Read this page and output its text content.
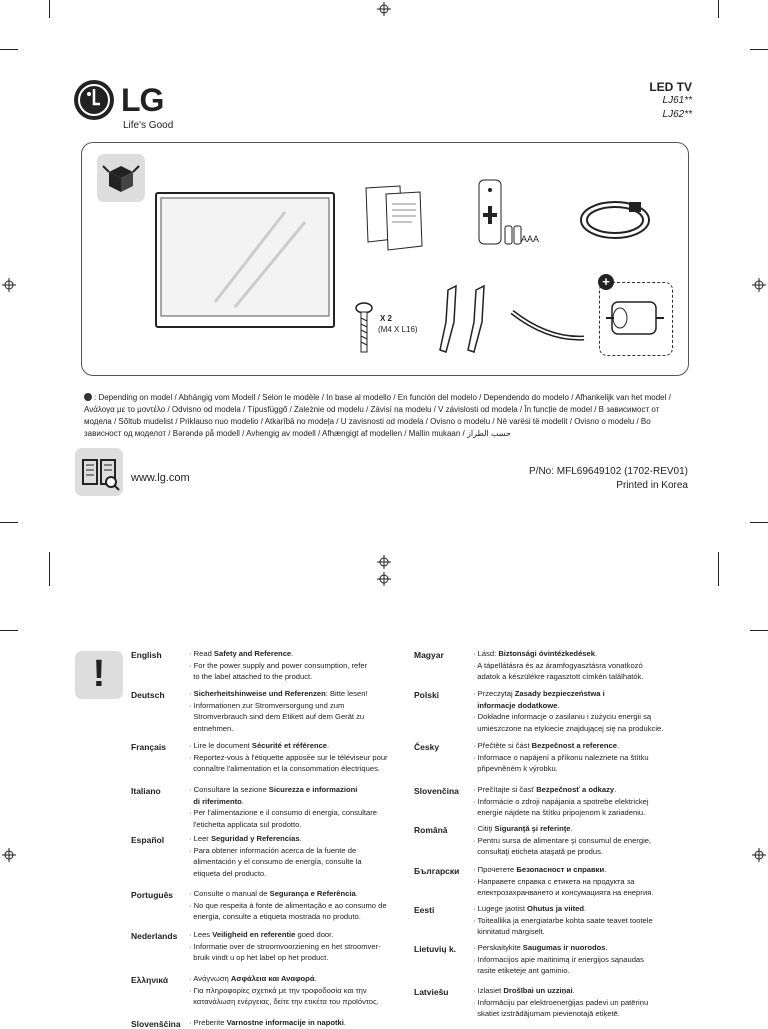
LG
Life's Good
LED TV
LJ61**
LJ62**
AAA
X 2
(M4 X L16)
+
: Depending on model / Abhängig vom Modell / Selon le modèle / In base al modello / En función del modelo / Dependendo do modelo / Afhankelijk van het model / Ανάλογα με το μοντέλο / Odvisno od modela / Típusfüggő / Zależnie od modelu / Závisí na modelu / V závislosti od modela / În funcție de model / В зависимост от модела / Sõltub mudelist / Priklauso nuo modelio / Atkarībā no modeļa / U zavisnosti od modela / Ovisno o modelu / Në varësi të modelit / Ovisno o modelu / Во зависност од моделот / Bərəndə på modell / Avhengig av modell / Afhængigt af modellen / Mallin mukaan / حسب الطراز
www.lg.com
P/No: MFL69649102 (1702-REV01)
Printed in Korea
!	English	· Read Safety and Reference.
· For the power supply and power consumption, refer
to the label attached to the product.
Deutsch	· Sicherheitshinweise und Referenzen: Bitte lesen!
· Informationen zur Stromversorgung und zum
Stromverbrauch sind dem Etikett auf dem Gerät zu
entnehmen.
Français	· Lire le document Sécurité et référence.
· Reportez-vous à l'étiquette apposée sur le téléviseur pour
connaître l'alimentation et la consommation électriques.
Italiano	· Consultare la sezione Sicurezza e informazioni
di riferimento.
· Per l'alimentazione e il consumo di energia, consultare
l'etichetta applicata sul prodotto.
Español	· Leer Seguridad y Referencias.
· Para obtener información acerca de la fuente de
alimentación y el consumo de energía, consulte la
etiqueta del producto.
Português · Consulte o manual de Segurança e Referência.
· No que respeita à fonte de alimentação e ao consumo de
energia, consulte a etiqueta mostrada no produto.
Nederlands · Lees Veiligheid en referentie goed door.
· Informatie over de stroomvoorziening en het stroomver-
bruik vindt u op het label op het product.
Ελληνικά	· Ανάγνωση Ασφάλεια και Αναφορά.
· Για πληροφορίες σχετικά με την τροφοδοσία και την
κατανάλωση ενέργειας, δείτε την ετικέτα του προϊόντος.
Slovenščina · Preberite Varnostne informacije in napotki.
Magyar	· Lásd: Biztonsági óvintézkedések.
· A tápellátásra és az áramfogyasztásra vonatkozó
adatok a készülékre ragasztott címkén találhatók.
Polski	· Przeczytaj Zasady bezpieczeństwa i
informacje dodatkowe.
· Dokładne informacje o zasilaniu i zużyciu energii są
umieszczone na etykiecie znajdującej się na produkcie.
Česky	· Přečtěte si část Bezpečnost a reference.
· Informace o napájení a příkonu naleznete na štítku
připevněném k výrobku.
Slovenčina · Prečítajte si časť Bezpečnosť a odkazy.
· Informácie o zdroji napájania a spotrebe elektrickej
energie nájdete na štítku pripojenom k zariadeniu.
Română	· Citiţi Siguranţă şi referinţe.
· Pentru sursa de alimentare şi consumul de energie,
consultaţi eticheta ataşată pe produs.
Български · Прочетете Безопасност и справки.
· Направете справка с етикета на продукта за
електрозахранването и консумацията на енергия.
Eesti	· Lugege jaotist Ohutus ja viited.
· Toiteallika ja energiatarbe kohta saate teavet tootele
kinnitatud märgiselt.
Lietuvių k. · Perskaitykite Saugumas ir nuorodos.
· Informacijos apie maitinimą ir energijos sąnaudas
rasite etiketėje ant gaminio.
Latviešu	· Izlasiet Drošībai un uzziņai.
· Informāciju par elektroenerģijas padevi un patēriņu
skatiet izstrādājumam pievienotajā etiķetē.
